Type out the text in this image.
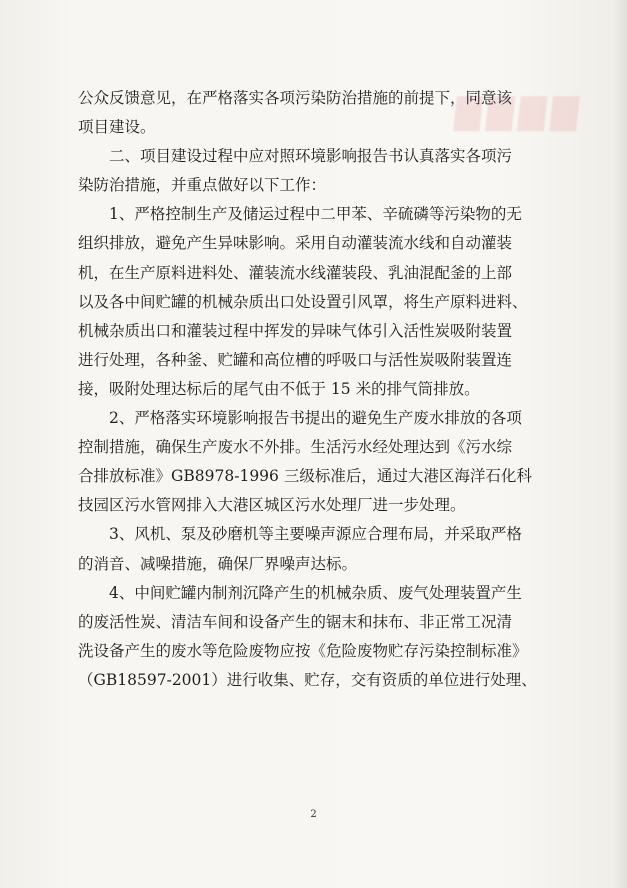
▇▇▇▇
公众反馈意见，在严格落实各项污染防治措施的前提下，同意该
项目建设。
　　二、项目建设过程中应对照环境影响报告书认真落实各项污
染防治措施，并重点做好以下工作：
　　1、严格控制生产及储运过程中二甲苯、辛硫磷等污染物的无
组织排放，避免产生异味影响。采用自动灌装流水线和自动灌装
机，在生产原料进料处、灌装流水线灌装段、乳油混配釜的上部
以及各中间贮罐的机械杂质出口处设置引风罩，将生产原料进料、
机械杂质出口和灌装过程中挥发的异味气体引入活性炭吸附装置
进行处理，各种釜、贮罐和高位槽的呼吸口与活性炭吸附装置连
接，吸附处理达标后的尾气由不低于 15 米的排气筒排放。
　　2、严格落实环境影响报告书提出的避免生产废水排放的各项
控制措施，确保生产废水不外排。生活污水经处理达到《污水综
合排放标准》GB8978-1996 三级标准后，通过大港区海洋石化科
技园区污水管网排入大港区城区污水处理厂进一步处理。
　　3、风机、泵及砂磨机等主要噪声源应合理布局，并采取严格
的消音、减噪措施，确保厂界噪声达标。
　　4、中间贮罐内制剂沉降产生的机械杂质、废气处理装置产生
的废活性炭、清洁车间和设备产生的锯末和抹布、非正常工况清
洗设备产生的废水等危险废物应按《危险废物贮存污染控制标准》
（GB18597-2001）进行收集、贮存，交有资质的单位进行处理、
2
